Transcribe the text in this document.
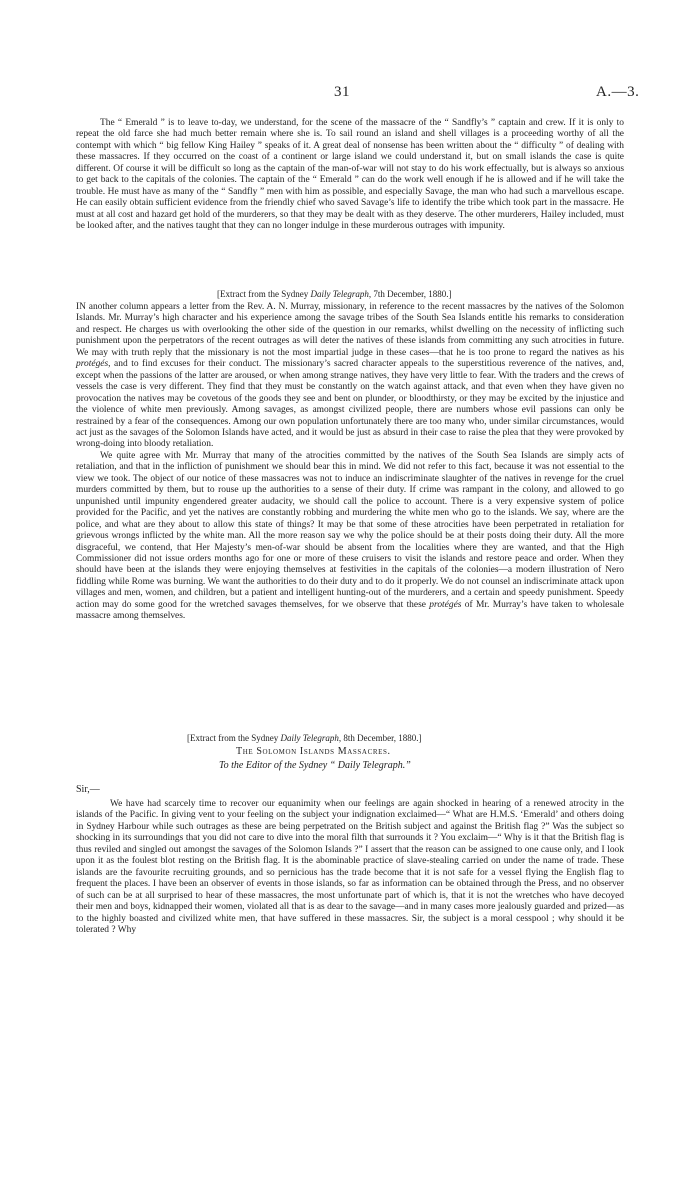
31	A.—3.

The “ Emerald ” is to leave to-day, we understand, for the scene of the massacre of the “ Sandfly’s ” captain and crew. If it is only to repeat the old farce she had much better remain where she is. To sail round an island and shell villages is a proceeding worthy of all the contempt with which “ big fellow King Hailey ” speaks of it. A great deal of nonsense has been written about the “ difficulty ” of dealing with these massacres. If they occurred on the coast of a continent or large island we could understand it, but on small islands the case is quite different. Of course it will be difficult so long as the captain of the man-of-war will not stay to do his work effectually, but is always so anxious to get back to the capitals of the colonies. The captain of the “ Emerald ” can do the work well enough if he is allowed and if he will take the trouble. He must have as many of the “ Sandfly ” men with him as possible, and especially Savage, the man who had such a marvellous escape. He can easily obtain sufficient evidence from the friendly chief who saved Savage’s life to identify the tribe which took part in the massacre. He must at all cost and hazard get hold of the murderers, so that they may be dealt with as they deserve. The other murderers, Hailey included, must be looked after, and the natives taught that they can no longer indulge in these murderous outrages with impunity.

[Extract from the Sydney Daily Telegraph, 7th December, 1880.]

IN another column appears a letter from the Rev. A. N. Murray, missionary, in reference to the recent massacres by the natives of the Solomon Islands. Mr. Murray’s high character and his experience among the savage tribes of the South Sea Islands entitle his remarks to consideration and respect. He charges us with overlooking the other side of the question in our remarks, whilst dwelling on the necessity of inflicting such punishment upon the perpetrators of the recent outrages as will deter the natives of these islands from committing any such atrocities in future. We may with truth reply that the missionary is not the most impartial judge in these cases—that he is too prone to regard the natives as his protégés, and to find excuses for their conduct. The missionary’s sacred character appeals to the superstitious reverence of the natives, and, except when the passions of the latter are aroused, or when among strange natives, they have very little to fear. With the traders and the crews of vessels the case is very different. They find that they must be constantly on the watch against attack, and that even when they have given no provocation the natives may be covetous of the goods they see and bent on plunder, or bloodthirsty, or they may be excited by the injustice and the violence of white men previously. Among savages, as amongst civilized people, there are numbers whose evil passions can only be restrained by a fear of the consequences. Among our own population unfortunately there are too many who, under similar circumstances, would act just as the savages of the Solomon Islands have acted, and it would be just as absurd in their case to raise the plea that they were provoked by wrong-doing into bloody retaliation.

We quite agree with Mr. Murray that many of the atrocities committed by the natives of the South Sea Islands are simply acts of retaliation, and that in the infliction of punishment we should bear this in mind. We did not refer to this fact, because it was not essential to the view we took. The object of our notice of these massacres was not to induce an indiscriminate slaughter of the natives in revenge for the cruel murders committed by them, but to rouse up the authorities to a sense of their duty. If crime was rampant in the colony, and allowed to go unpunished until impunity engendered greater audacity, we should call the police to account. There is a very expensive system of police provided for the Pacific, and yet the natives are constantly robbing and murdering the white men who go to the islands. We say, where are the police, and what are they about to allow this state of things? It may be that some of these atrocities have been perpetrated in retaliation for grievous wrongs inflicted by the white man. All the more reason say we why the police should be at their posts doing their duty. All the more disgraceful, we contend, that Her Majesty’s men-of-war should be absent from the localities where they are wanted, and that the High Commissioner did not issue orders months ago for one or more of these cruisers to visit the islands and restore peace and order. When they should have been at the islands they were enjoying themselves at festivities in the capitals of the colonies—a modern illustration of Nero fiddling while Rome was burning. We want the authorities to do their duty and to do it properly. We do not counsel an indiscriminate attack upon villages and men, women, and children, but a patient and intelligent hunting-out of the murderers, and a certain and speedy punishment. Speedy action may do some good for the wretched savages themselves, for we observe that these protégés of Mr. Murray’s have taken to wholesale massacre among themselves.

[Extract from the Sydney Daily Telegraph, 8th December, 1880.]
The Solomon Islands Massacres.
To the Editor of the Sydney “ Daily Telegraph.”
Sir,—

We have had scarcely time to recover our equanimity when our feelings are again shocked in hearing of a renewed atrocity in the islands of the Pacific. In giving vent to your feeling on the subject your indignation exclaimed—“ What are H.M.S. ‘Emerald’ and others doing in Sydney Harbour while such outrages as these are being perpetrated on the British subject and against the British flag ?” Was the subject so shocking in its surroundings that you did not care to dive into the moral filth that surrounds it ? You exclaim—“ Why is it that the British flag is thus reviled and singled out amongst the savages of the Solomon Islands ?” I assert that the reason can be assigned to one cause only, and I look upon it as the foulest blot resting on the British flag. It is the abominable practice of slave-stealing carried on under the name of trade. These islands are the favourite recruiting grounds, and so pernicious has the trade become that it is not safe for a vessel flying the English flag to frequent the places. I have been an observer of events in those islands, so far as information can be obtained through the Press, and no observer of such can be at all surprised to hear of these massacres, the most unfortunate part of which is, that it is not the wretches who have decoyed their men and boys, kidnapped their women, violated all that is as dear to the savage—and in many cases more jealously guarded and prized—as to the highly boasted and civilized white men, that have suffered in these massacres. Sir, the subject is a moral cesspool ; why should it be tolerated ? Why
